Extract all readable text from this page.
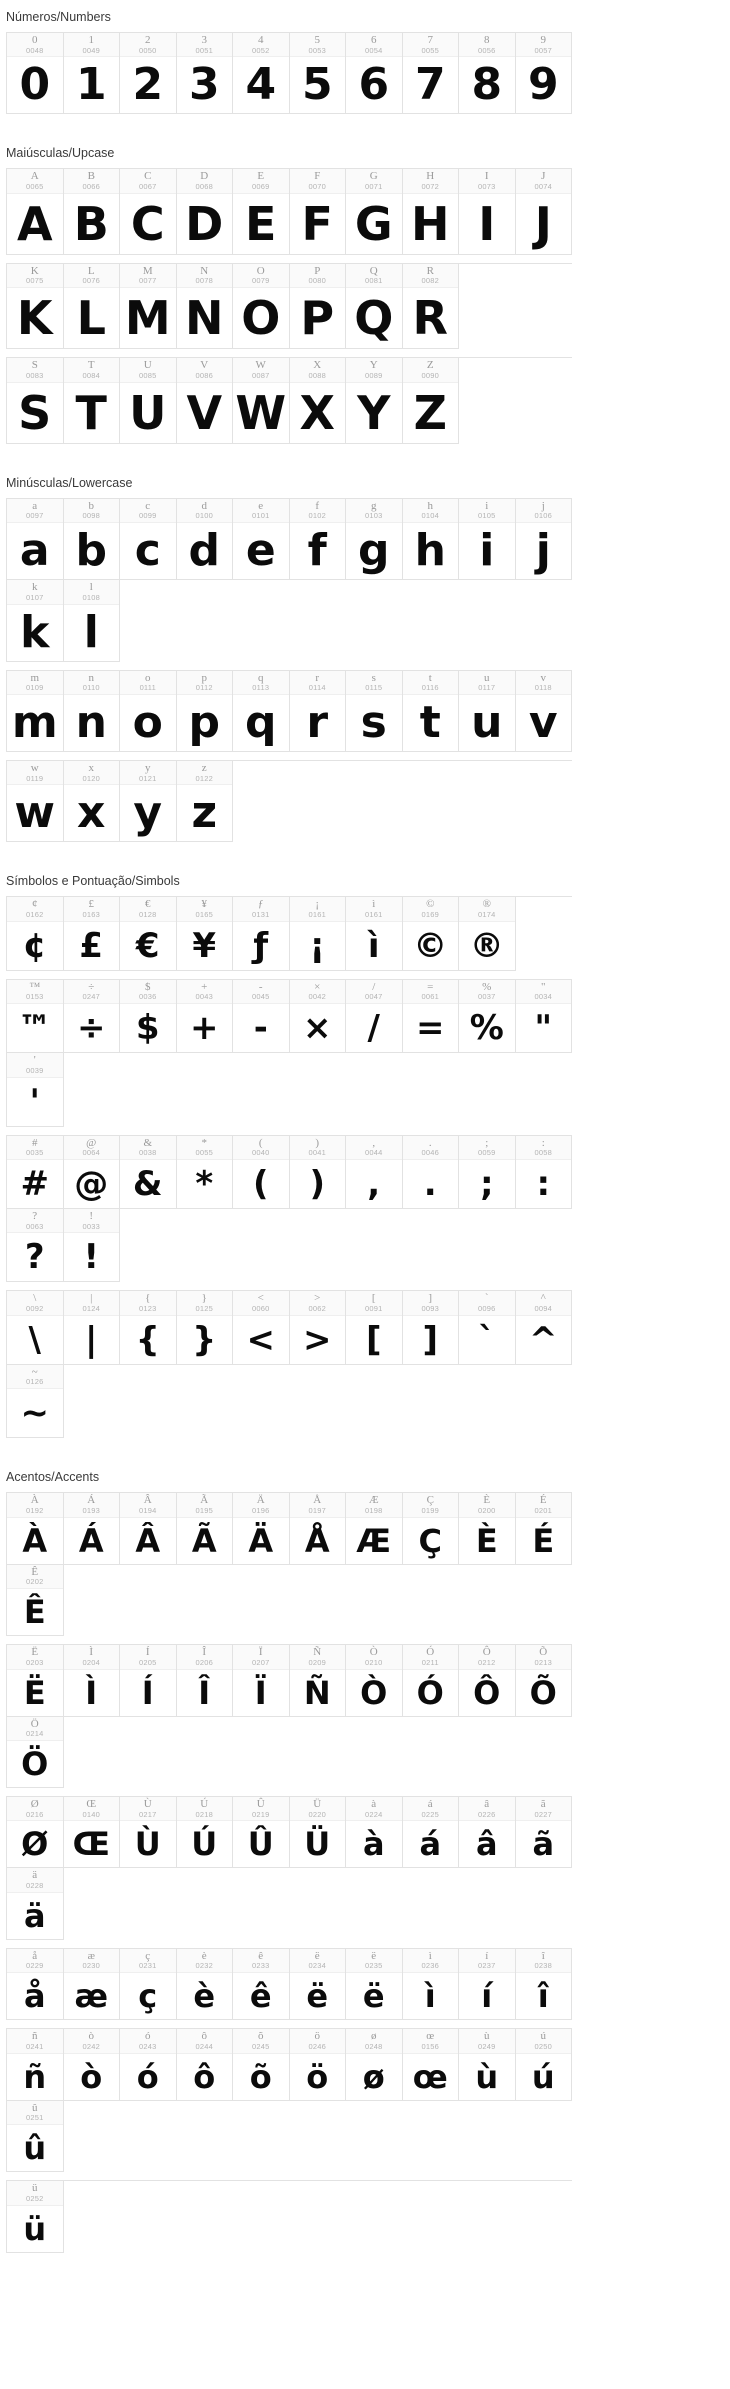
Números/Numbers
0
0048
0
1
0049
1
2
0050
2
3
0051
3
4
0052
4
5
0053
5
6
0054
6
7
0055
7
8
0056
8
9
0057
9
Maiúsculas/Upcase
A
0065
A
B
0066
B
C
0067
C
D
0068
D
E
0069
E
F
0070
F
G
0071
G
H
0072
H
I
0073
I
J
0074
J
K
0075
K
L
0076
L
M
0077
M
N
0078
N
O
0079
O
P
0080
P
Q
0081
Q
R
0082
R
S
0083
S
T
0084
T
U
0085
U
V
0086
V
W
0087
W
X
0088
X
Y
0089
Y
Z
0090
Z
Minúsculas/Lowercase
a
0097
a
b
0098
b
c
0099
c
d
0100
d
e
0101
e
f
0102
f
g
0103
g
h
0104
h
i
0105
i
j
0106
j
k
0107
k
l
0108
l
m
0109
m
n
0110
n
o
0111
o
p
0112
p
q
0113
q
r
0114
r
s
0115
s
t
0116
t
u
0117
u
v
0118
v
w
0119
w
x
0120
x
y
0121
y
z
0122
z
Símbolos e Pontuação/Simbols
¢
0162
¢
£
0163
£
€
0128
€
¥
0165
¥
ƒ
0131
ƒ
¡
0161
¡
ì
0161
ì
©
0169
©
®
0174
®
™
0153
™
÷
0247
÷
$
0036
$
+
0043
+
-
0045
-
×
0042
×
/
0047
/
=
0061
=
%
0037
%
"
0034
"
'
0039
'
#
0035
#
@
0064
@
&
0038
&
*
0055
*
(
0040
(
)
0041
)
,
0044
,
.
0046
.
;
0059
;
:
0058
:
?
0063
?
!
0033
!
\
0092
\
|
0124
|
{
0123
{
}
0125
}
<
0060
<
>
0062
>
[
0091
[
]
0093
]
`
0096
`
^
0094
^
~
0126
~
Acentos/Accents
À
0192
À
Á
0193
Á
Â
0194
Â
Ã
0195
Ã
Ä
0196
Ä
Å
0197
Å
Æ
0198
Æ
Ç
0199
Ç
È
0200
È
É
0201
É
Ê
0202
Ê
Ë
0203
Ë
Ì
0204
Ì
Í
0205
Í
Î
0206
Î
Ï
0207
Ï
Ñ
0209
Ñ
Ò
0210
Ò
Ó
0211
Ó
Ô
0212
Ô
Õ
0213
Õ
Ö
0214
Ö
Ø
0216
Ø
Œ
0140
Œ
Ù
0217
Ù
Ú
0218
Ú
Û
0219
Û
Ü
0220
Ü
à
0224
à
á
0225
á
â
0226
â
ã
0227
ã
ä
0228
ä
å
0229
å
æ
0230
æ
ç
0231
ç
è
0232
è
ê
0233
ê
ë
0234
ë
ë
0235
ë
ì
0236
ì
í
0237
í
î
0238
î
ñ
0241
ñ
ò
0242
ò
ó
0243
ó
ô
0244
ô
õ
0245
õ
ö
0246
ö
ø
0248
ø
œ
0156
œ
ù
0249
ù
ú
0250
ú
û
0251
û
ü
0252
ü
